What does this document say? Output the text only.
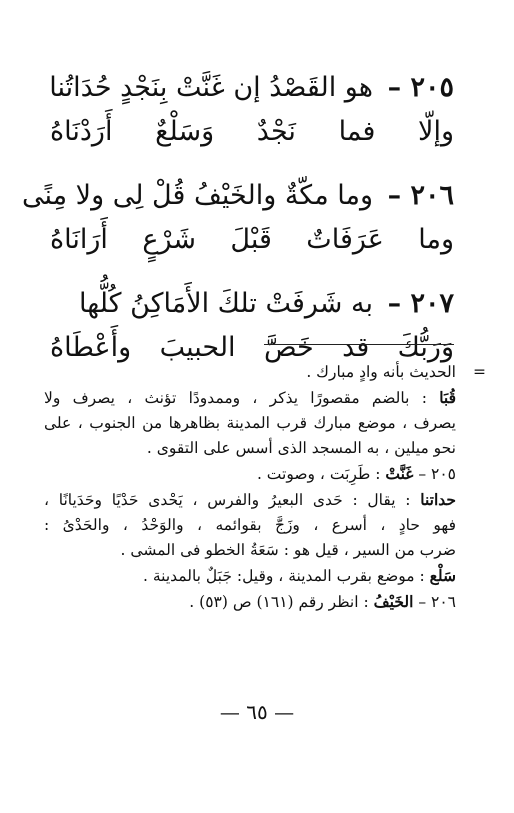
٢٠٥ – هو القَصْدُ إن غَنَّتْ بِنَجْدٍ حُدَاتُنا
وإلّا فما نَجْدٌ وَسَلْعٌ أَرَدْنَاهُ
٢٠٦ – وما مكّةٌ والخَيْفُ قُلْ لِى ولا مِنًى
وما عَرَفَاتٌ قَبْلَ شَرْعٍ أَرَانَاهُ
٢٠٧ – به شَرفَتْ تلكَ الأَمَاكِنُ كُلُّها
وَرَبُّكَ قد خَصَّ الحبيبَ وأَعْطَاهُ
=
الحديث بأنه وادٍ مبارك .
قُبَا : بالضم مقصورًا يذكر ، وممدودًا تؤنث ، يصرف ولا
يصرف ، موضع مبارك قرب المدينة بظاهرها من الجنوب ، على
نحو ميلين ، به المسجد الذى أسس على التقوى .
٢٠٥ – غَنَّتْ : طَرِبَت ، وصوتت .
حداتنا : يقال : حَدى البعيرُ والفرس ، يَحْدى حَدْيًا وحَدَيانًا ،
فهو حادٍ ، أسرع ، وزَجَّ بقوائمه ، والوَحْدُ ، والحَدْىُ :
ضرب من السير ، قيل هو : سَعَةُ الخطو فى المشى .
سَلْع : موضع بقرب المدينة ، وقيل: جَبَلٌ بالمدينة .
٢٠٦ – الخَيْفُ : انظر رقم (١٦١) ص (٥٣) .
— ٦٥ —
